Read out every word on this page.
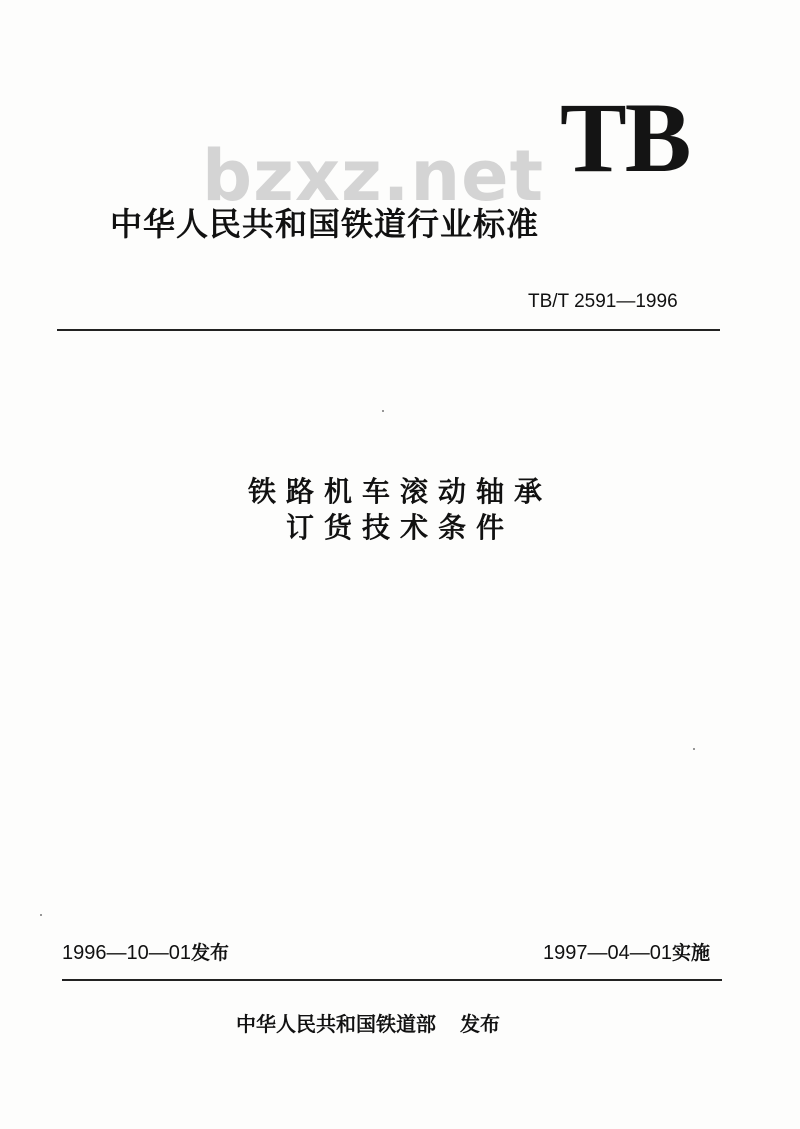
TB
bzxz.net
中华人民共和国铁道行业标准
TB/T 2591—1996
铁路机车滚动轴承
订货技术条件
1996—10—01发布	1997—04—01实施
中华人民共和国铁道部 发布
